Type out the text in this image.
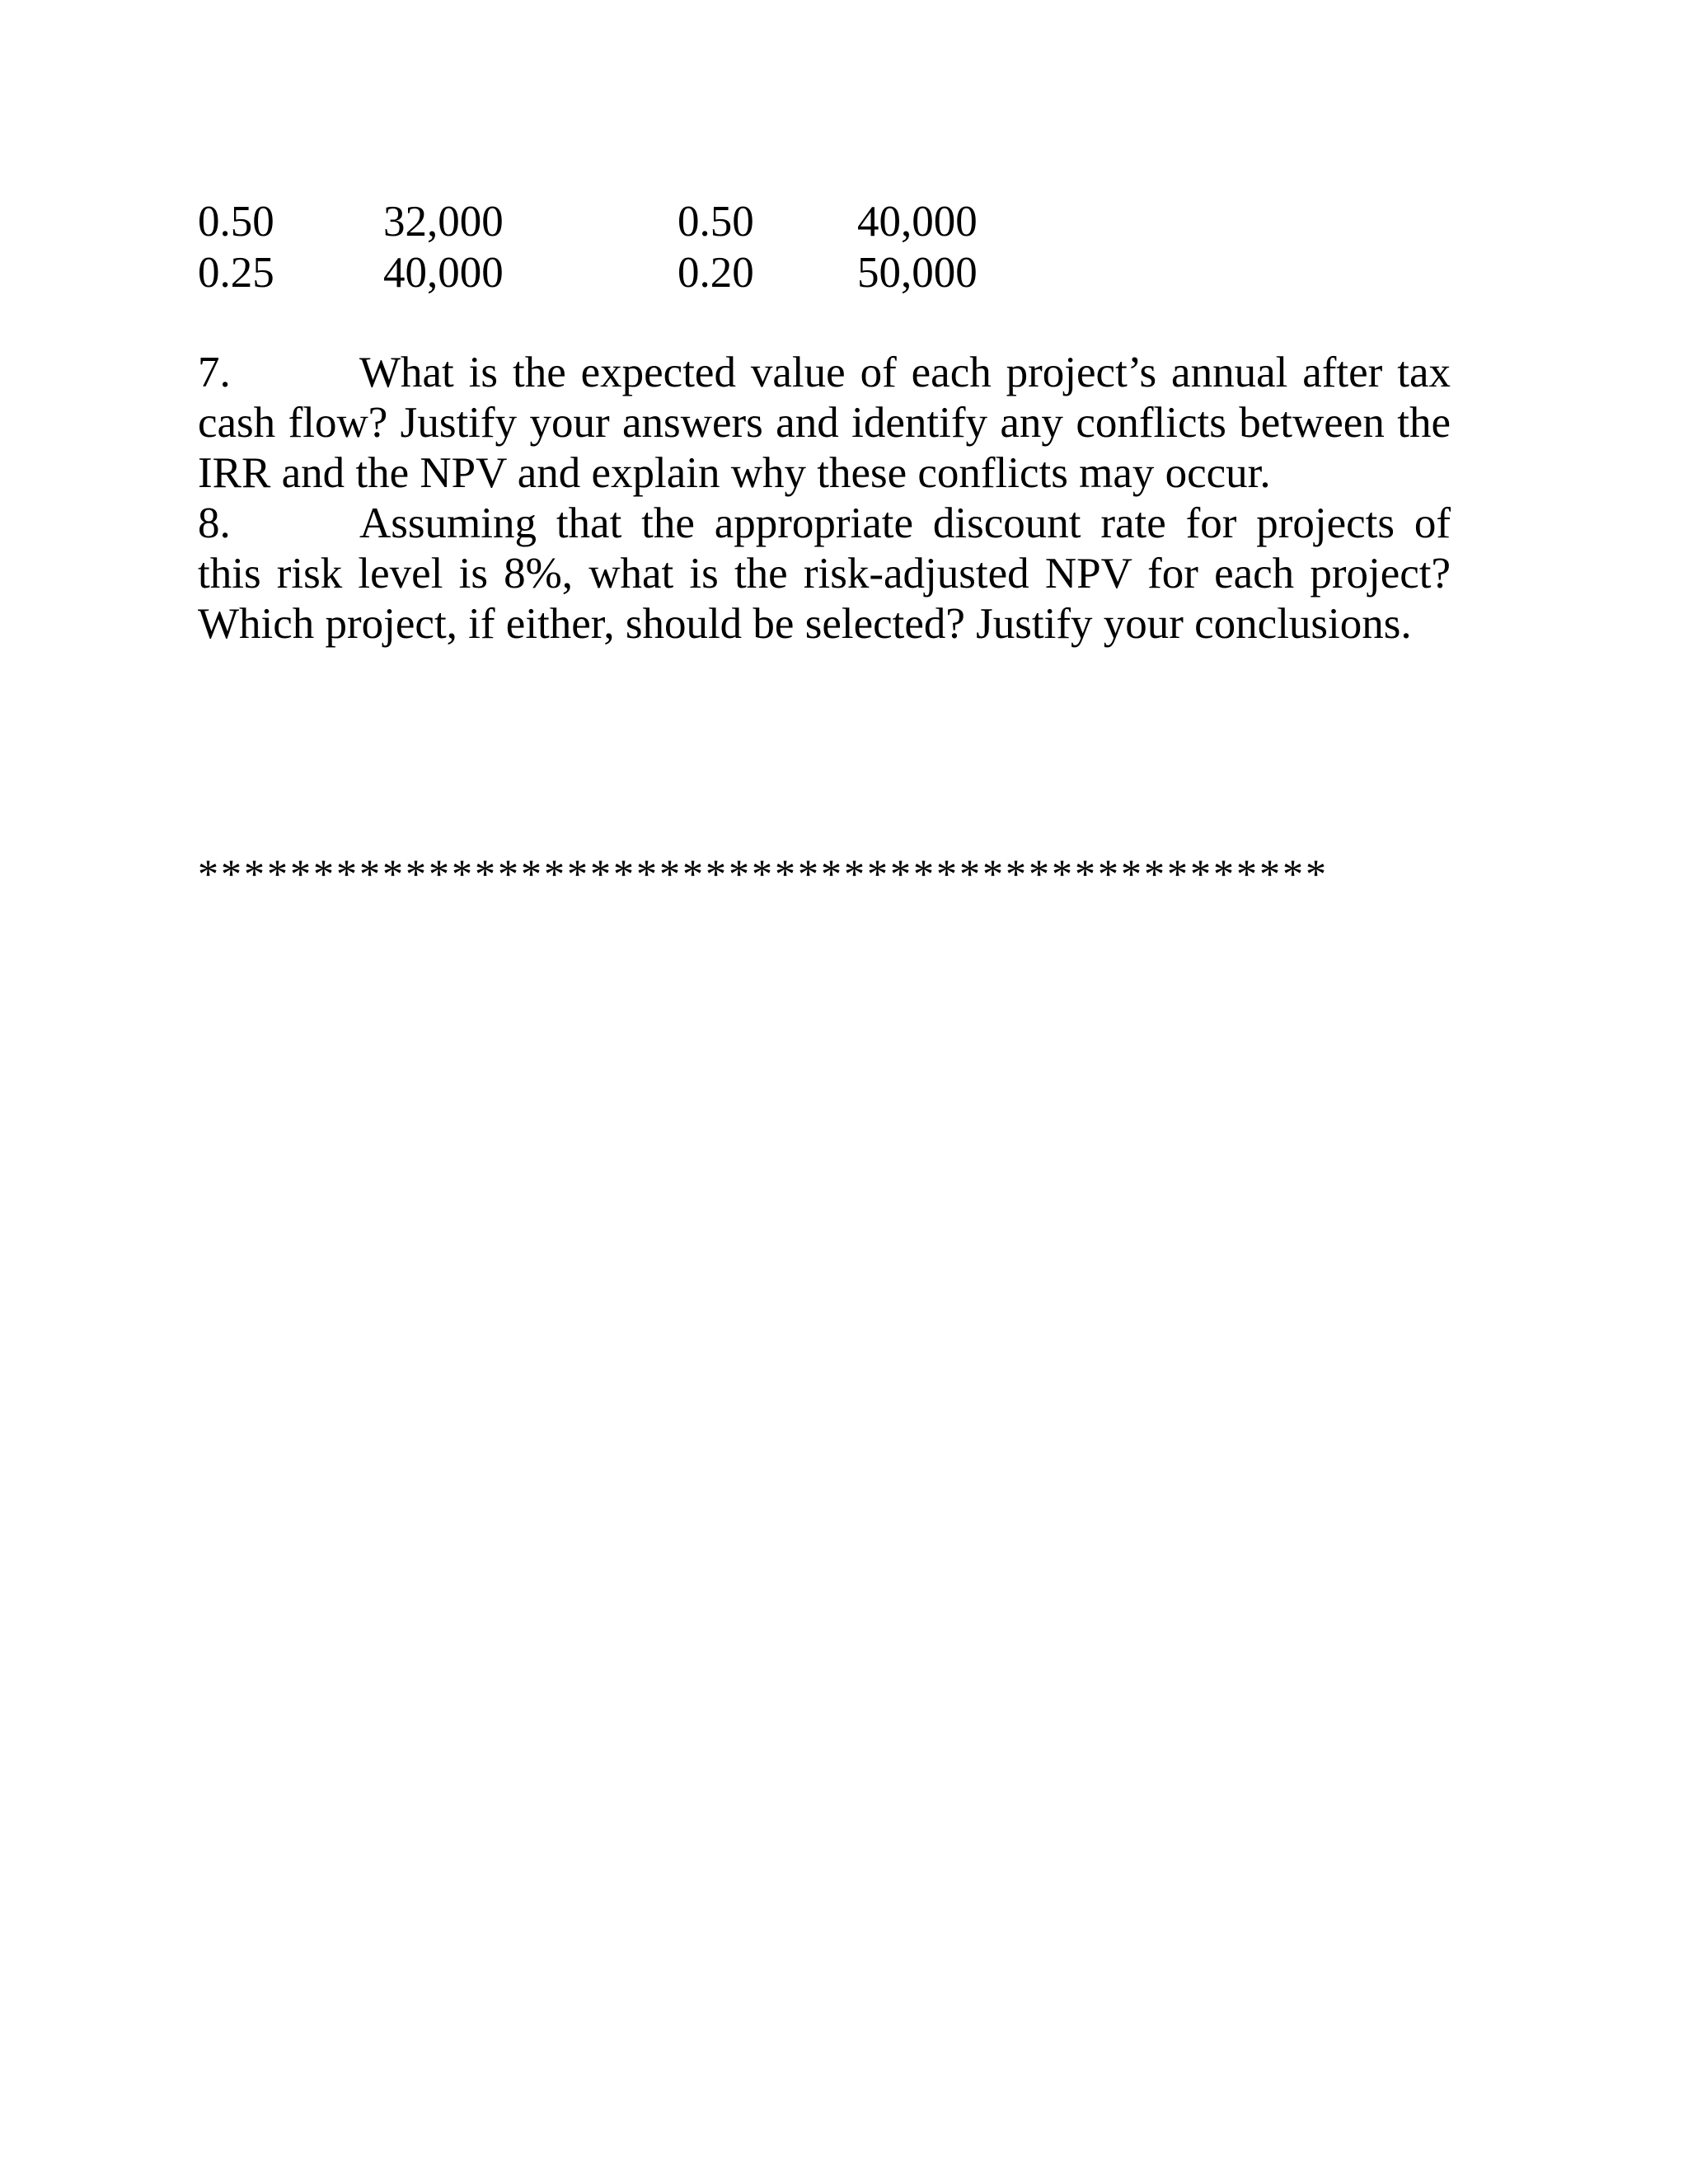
0.50 32,000	0.50 40,000
0.25 40,000	0.20 50,000
7.	What is the expected value of each project’s annual after tax cash flow? Justify your answers and identify any conflicts between the IRR and the NPV and explain why these conflicts may occur.
8.	Assuming that the appropriate discount rate for projects of this risk level is 8%, what is the risk-adjusted NPV for each project? Which project, if either, should be selected? Justify your conclusions.
*************************************************
